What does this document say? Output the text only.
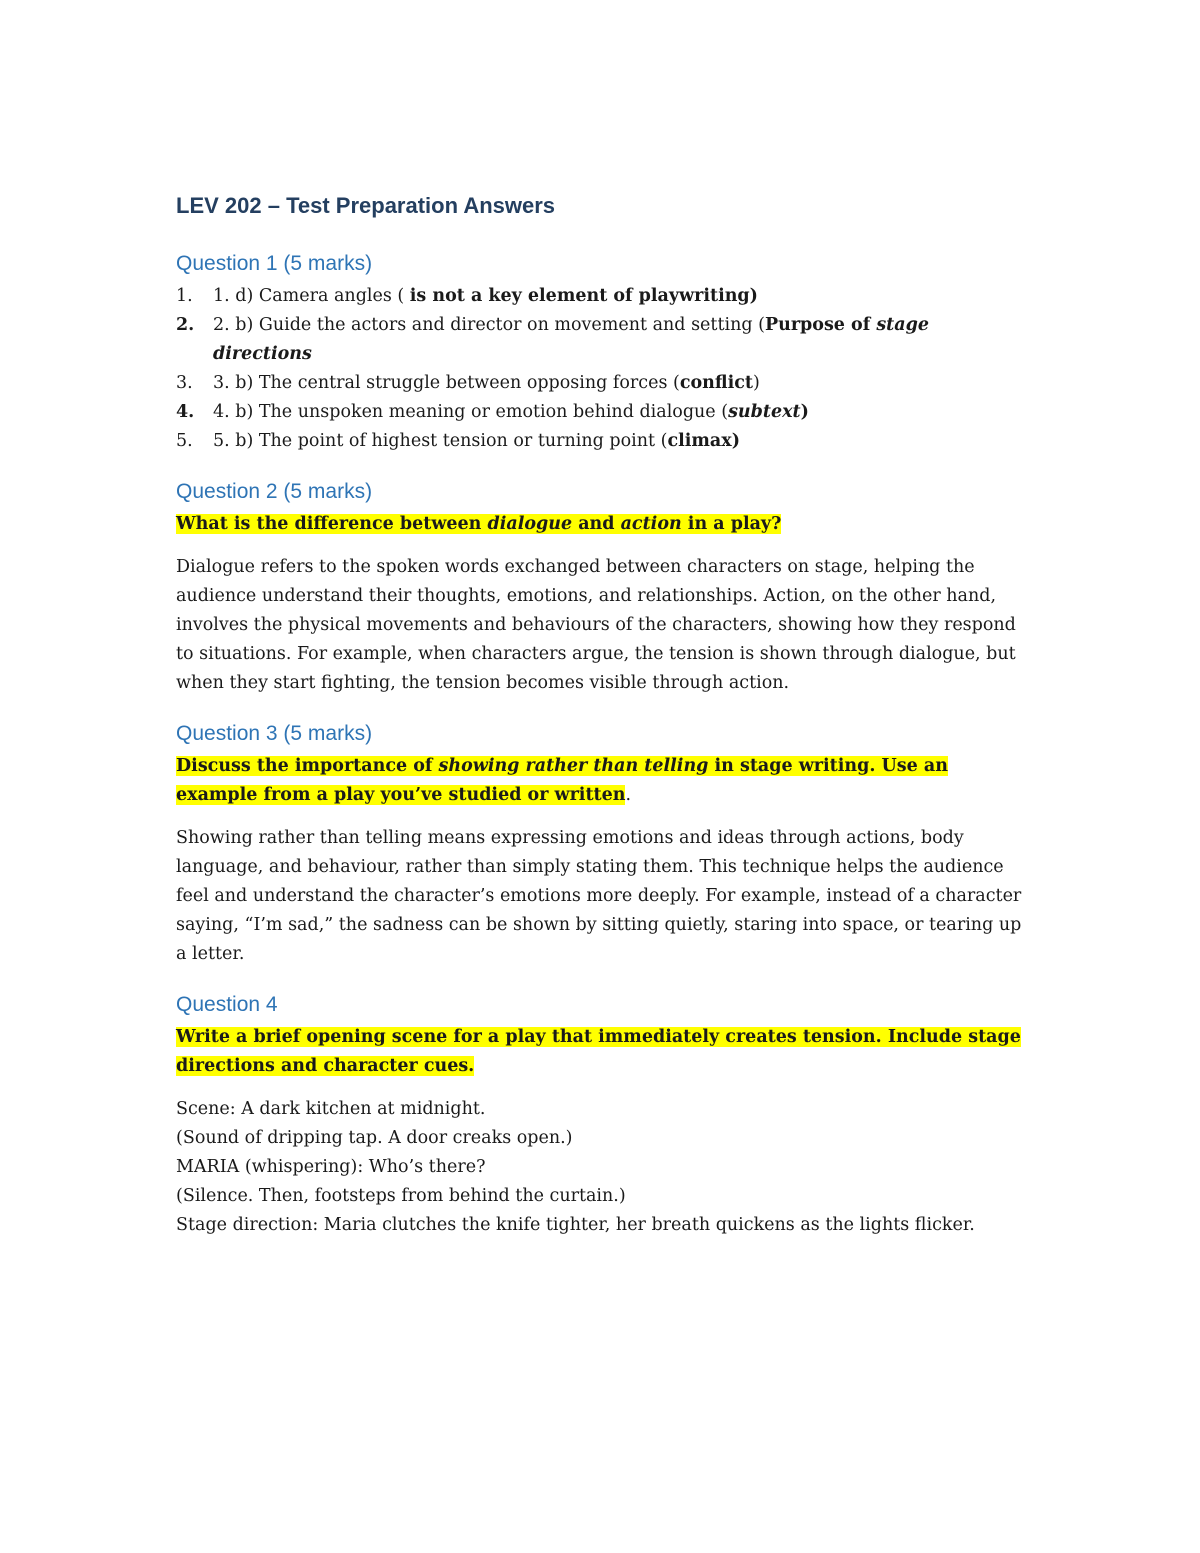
LEV 202 – Test Preparation Answers
Question 1 (5 marks)
1. 1. d) Camera angles ( is not a key element of playwriting)
2. 2. b) Guide the actors and director on movement and setting (Purpose of stage directions
3. 3. b) The central struggle between opposing forces (conflict)
4. 4. b) The unspoken meaning or emotion behind dialogue (subtext)
5. 5. b) The point of highest tension or turning point (climax)
Question 2 (5 marks)

What is the difference between dialogue and action in a play?

Dialogue refers to the spoken words exchanged between characters on stage, helping the audience understand their thoughts, emotions, and relationships. Action, on the other hand, involves the physical movements and behaviours of the characters, showing how they respond to situations. For example, when characters argue, the tension is shown through dialogue, but when they start fighting, the tension becomes visible through action.

Question 3 (5 marks)

Discuss the importance of showing rather than telling in stage writing. Use an example from a play you’ve studied or written.

Showing rather than telling means expressing emotions and ideas through actions, body language, and behaviour, rather than simply stating them. This technique helps the audience feel and understand the character’s emotions more deeply. For example, instead of a character saying, “I’m sad,” the sadness can be shown by sitting quietly, staring into space, or tearing up a letter.

Question 4

Write a brief opening scene for a play that immediately creates tension. Include stage directions and character cues.

Scene: A dark kitchen at midnight.

(Sound of dripping tap. A door creaks open.)

MARIA (whispering): Who’s there?

(Silence. Then, footsteps from behind the curtain.)

Stage direction: Maria clutches the knife tighter, her breath quickens as the lights flicker.
